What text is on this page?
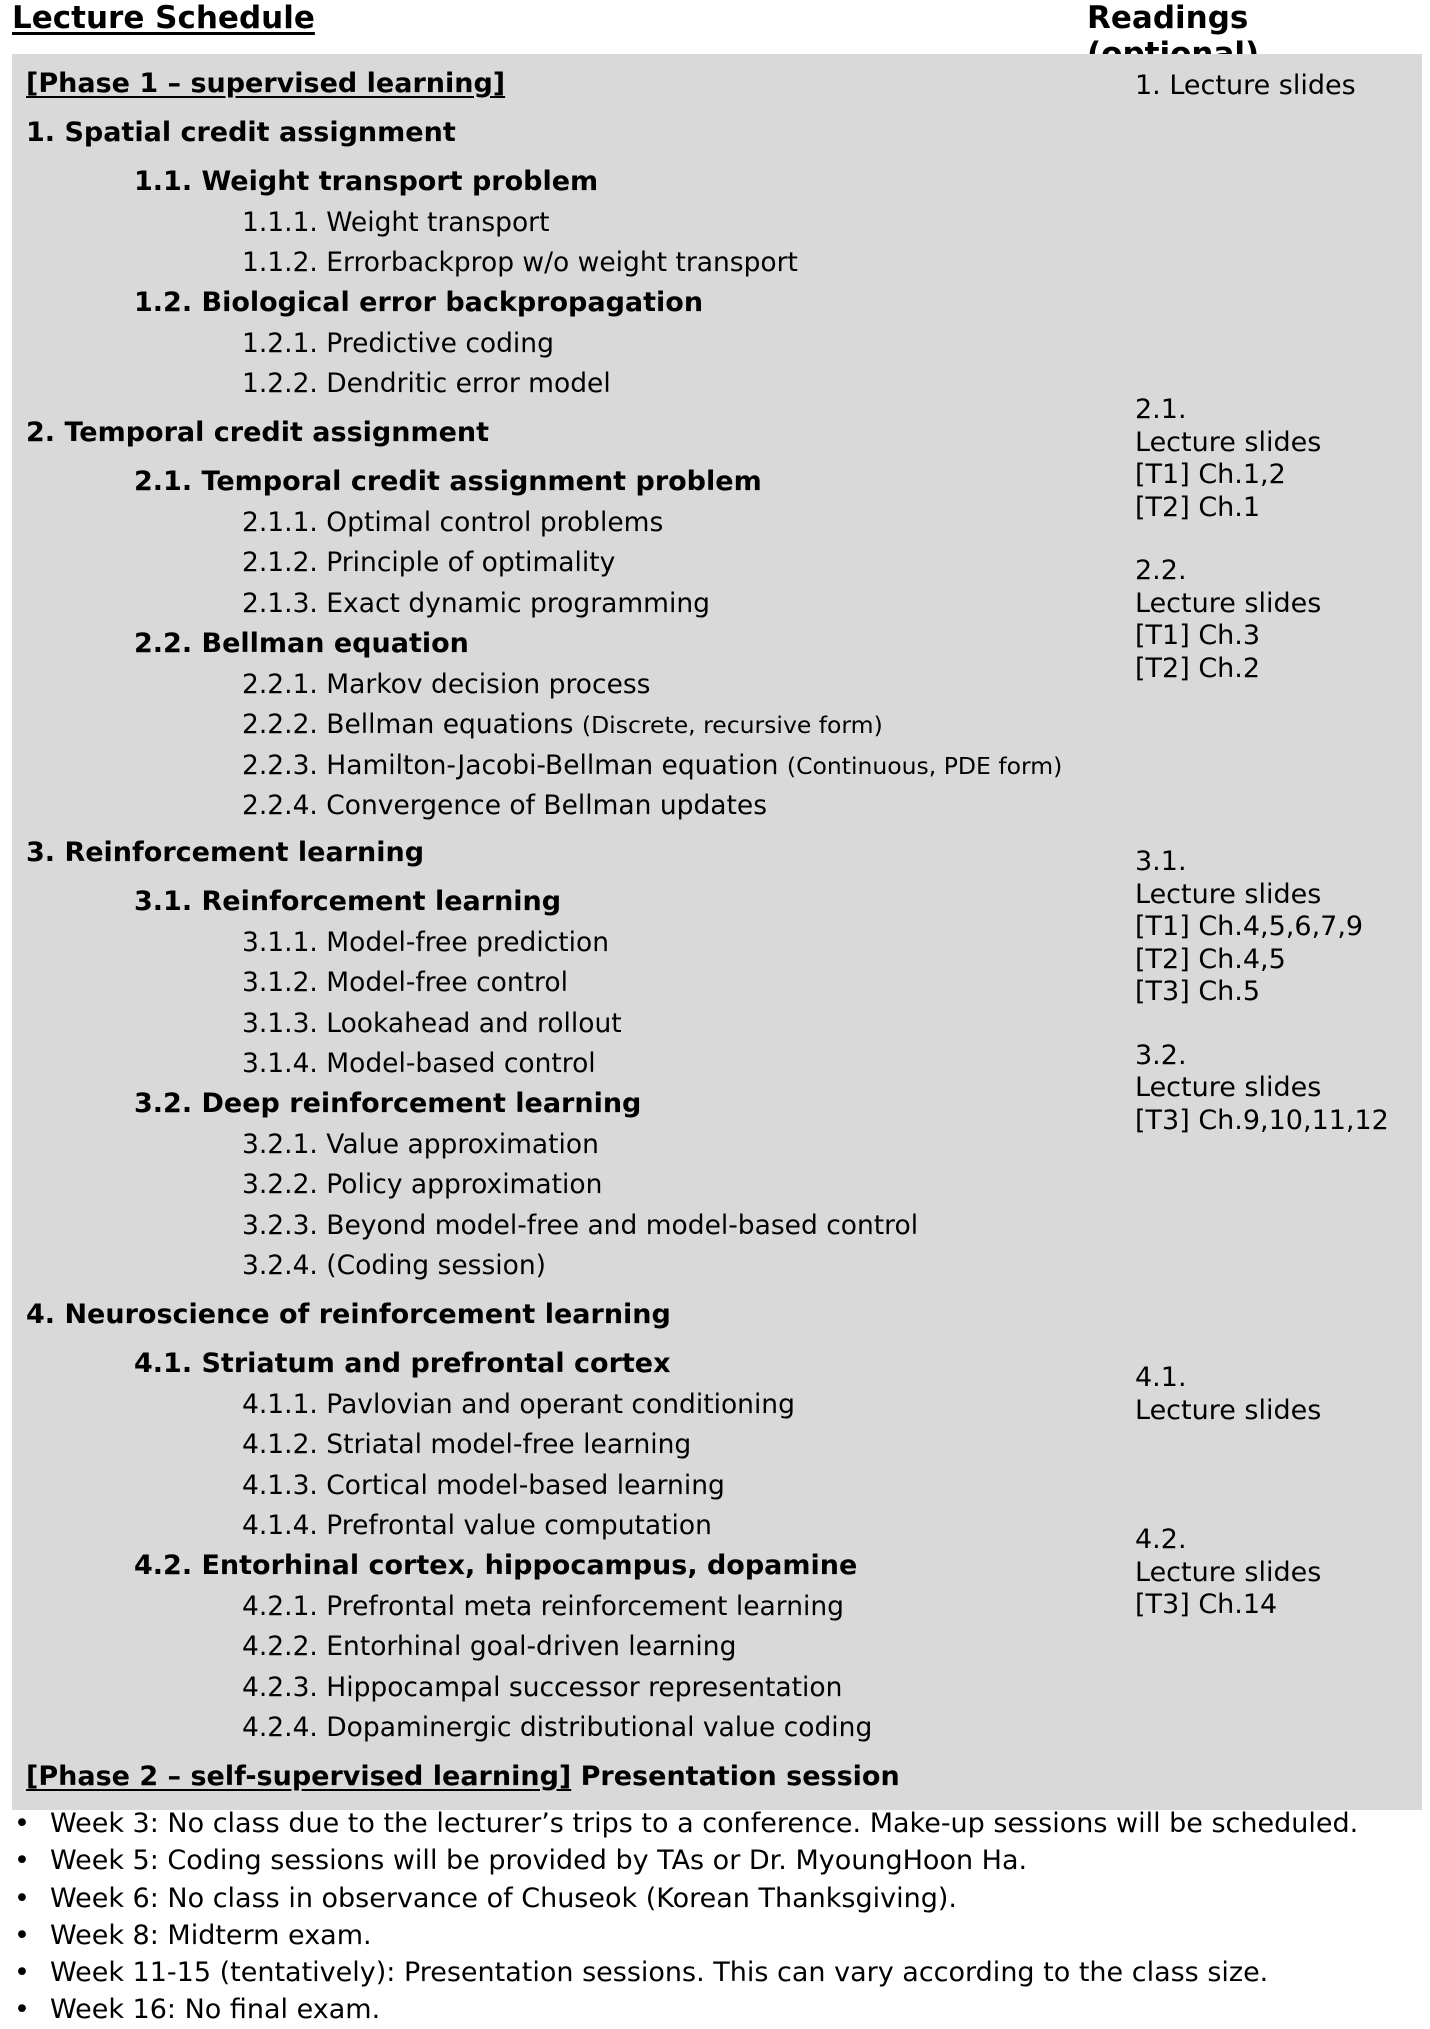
Lecture Schedule	Readings
[Phase 1 – supervised learning]
1. Spatial credit assignment
1.1. Weight transport problem
1.1.1. Weight transport
1.1.2. Errorbackprop w/o weight transport
1.2. Biological error backpropagation
1.2.1. Predictive coding
1.2.2. Dendritic error model
2. Temporal credit assignment
2.1. Temporal credit assignment problem
2.1.1. Optimal control problems
2.1.2. Principle of optimality
2.1.3. Exact dynamic programming
2.2. Bellman equation
2.2.1. Markov decision process
2.2.2. Bellman equations (Discrete, recursive form)
2.2.3. Hamilton-Jacobi-Bellman equation (Continuous, PDE form)
2.2.4. Convergence of Bellman updates
3. Reinforcement learning
3.1. Reinforcement learning
3.1.1. Model-free prediction
3.1.2. Model-free control
3.1.3. Lookahead and rollout
3.1.4. Model-based control
3.2. Deep reinforcement learning
3.2.1. Value approximation
3.2.2. Policy approximation
3.2.3. Beyond model-free and model-based control
3.2.4. (Coding session)
4. Neuroscience of reinforcement learning
4.1. Striatum and prefrontal cortex
4.1.1. Pavlovian and operant conditioning
4.1.2. Striatal model-free learning
4.1.3. Cortical model-based learning
4.1.4. Prefrontal value computation
4.2. Entorhinal cortex, hippocampus, dopamine
4.2.1. Prefrontal meta reinforcement learning
4.2.2. Entorhinal goal-driven learning
4.2.3. Hippocampal successor representation
4.2.4. Dopaminergic distributional value coding
[Phase 2 – self-supervised learning] Presentation session
1. Lecture slides
2.1.
Lecture slides
[T1] Ch.1,2
[T2] Ch.1
2.2.
Lecture slides
[T1] Ch.3
[T2] Ch.2
3.1.
Lecture slides
[T1] Ch.4,5,6,7,9
[T2] Ch.4,5
[T3] Ch.5
3.2.
Lecture slides
[T3] Ch.9,10,11,12
4.1.
Lecture slides
4.2.
Lecture slides
[T3] Ch.14
• Week 3: No class due to the lecturer’s trips to a conference. Make-up sessions will be scheduled.
• Week 5: Coding sessions will be provided by TAs or Dr. MyoungHoon Ha.
• Week 6: No class in observance of Chuseok (Korean Thanksgiving).
• Week 8: Midterm exam.
• Week 11-15 (tentatively): Presentation sessions. This can vary according to the class size.
• Week 16: No final exam.
